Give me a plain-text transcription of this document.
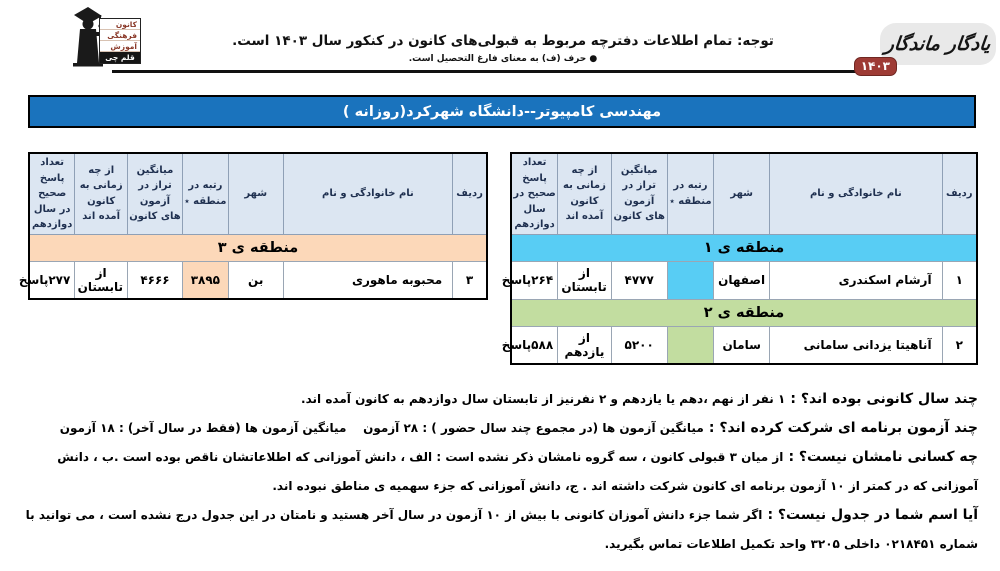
کانون
فرهنگی
آموزش
قلم چی
توجه: تمام اطلاعات دفترچه مربوط به قبولی‌های کانون در کنکور سال ۱۴۰۳ است.
● حرف (ف) به معنای فارغ التحصیل است.
یادگار ماندگار
۱۴۰۳
مهندسی کامپیوتر--دانشگاه شهرکرد(روزانه )
ردیف	نام خانوادگی و نام	شهر	رتبه در منطقه ٭	میانگین تراز در آزمون های کانون	از چه زمانی به کانون آمده اند	تعداد پاسخ صحیح در سال دوازدهم
منطقه ی ۱						
۱	آرشام اسکندری	اصفهان		۴۷۷۷	از تابستان	۲۶۴پاسخ
منطقه ی ۲						
۲	آناهیتا یزدانی سامانی	سامان		۵۲۰۰	از یازدهم	۵۸۸پاسخ
ردیف	نام خانوادگی و نام	شهر	رتبه در منطقه ٭	میانگین تراز در آزمون های کانون	از چه زمانی به کانون آمده اند	تعداد پاسخ صحیح در سال دوازدهم
منطقه ی ۳						
۳	محبوبه ماهوری	بن	۳۸۹۵	۴۶۶۶	از تابستان	۲۷۷پاسخ

چند سال کانونی بوده اند؟ : ۱ نفر از نهم ،دهم یا یازدهم و ۲ نفرنیز از تابستان سال دوازدهم به کانون آمده اند.

چند آزمون برنامه ای شرکت کرده اند؟ : میانگین آزمون ها (در مجموع چند سال حضور ) : ۲۸ آزمون    میانگین آزمون ها (فقط در سال آخر) : ۱۸ آزمون

چه کسانی نامشان نیست؟ : از میان ۳ قبولی کانون ، سه گروه نامشان ذکر نشده است : الف ، دانش آموزانی که اطلاعاتشان ناقص بوده است .ب ، دانش آموزانی که در کمتر از ۱۰ آزمون برنامه ای کانون شرکت داشته اند . ج، دانش آموزانی که جزء سهمیه ی مناطق نبوده اند.

آیا اسم شما در جدول نیست؟ : اگر شما جزء دانش آموزان کانونی با بیش از ۱۰ آزمون در سال آخر هستید و نامتان در این جدول درج نشده است ، می توانید با شماره ۰۲۱۸۴۵۱ داخلی ۳۲۰۵ واحد تکمیل اطلاعات تماس بگیرید.
